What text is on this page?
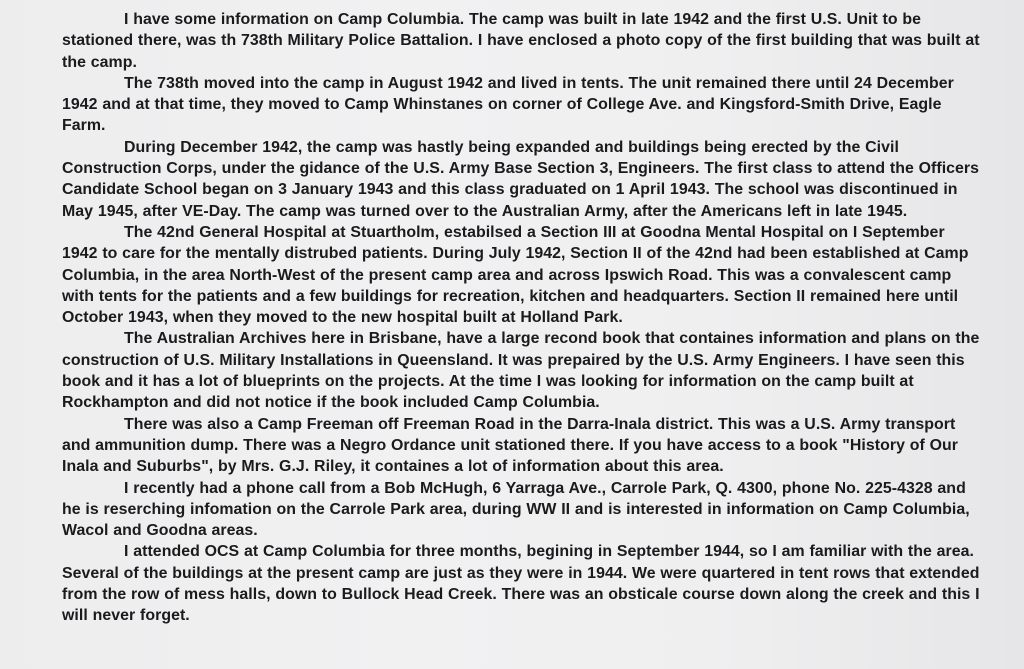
I have some information on Camp Columbia. The camp was built in late 1942 and the first U.S. Unit to be stationed there, was th 738th Military Police Battalion. I have enclosed a photo copy of the first building that was built at the camp.

The 738th moved into the camp in August 1942 and lived in tents. The unit remained there until 24 December 1942 and at that time, they moved to Camp Whinstanes on corner of College Ave. and Kingsford-Smith Drive, Eagle Farm.

During December 1942, the camp was hastly being expanded and buildings being erected by the Civil Construction Corps, under the gidance of the U.S. Army Base Section 3, Engineers. The first class to attend the Officers Candidate School began on 3 January 1943 and this class graduated on 1 April 1943. The school was discontinued in May 1945, after VE-Day. The camp was turned over to the Australian Army, after the Americans left in late 1945.

The 42nd General Hospital at Stuartholm, estabilsed a Section III at Goodna Mental Hospital on I September 1942 to care for the mentally distrubed patients. During July 1942, Section II of the 42nd had been established at Camp Columbia, in the area North-West of the present camp area and across Ipswich Road. This was a convalescent camp with tents for the patients and a few buildings for recreation, kitchen and headquarters. Section II remained here until October 1943, when they moved to the new hospital built at Holland Park.

The Australian Archives here in Brisbane, have a large recond book that containes information and plans on the construction of U.S. Military Installations in Queensland. It was prepaired by the U.S. Army Engineers. I have seen this book and it has a lot of blueprints on the projects. At the time I was looking for information on the camp built at Rockhampton and did not notice if the book included Camp Columbia.

There was also a Camp Freeman off Freeman Road in the Darra-Inala district. This was a U.S. Army transport and ammunition dump. There was a Negro Ordance unit stationed there. If you have access to a book "History of Our Inala and Suburbs", by Mrs. G.J. Riley, it containes a lot of information about this area.

I recently had a phone call from a Bob McHugh, 6 Yarraga Ave., Carrole Park, Q. 4300, phone No. 225-4328 and he is reserching infomation on the Carrole Park area, during WW II and is interested in information on Camp Columbia, Wacol and Goodna areas.

I attended OCS at Camp Columbia for three months, begining in September 1944, so I am familiar with the area. Several of the buildings at the present camp are just as they were in 1944. We were quartered in tent rows that extended from the row of mess halls, down to Bullock Head Creek. There was an obsticale course down along the creek and this I will never forget.
